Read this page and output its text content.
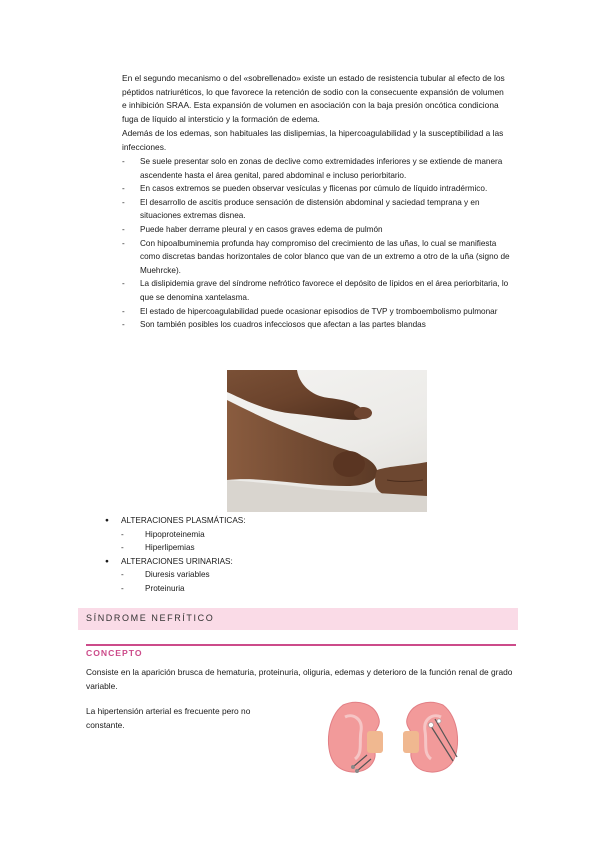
En el segundo mecanismo o del «sobrellenado» existe un estado de resistencia tubular al efecto de los péptidos natriuréticos, lo que favorece la retención de sodio con la consecuente expansión de volumen e inhibición SRAA. Esta expansión de volumen en asociación con la baja presión oncótica condiciona fuga de líquido al intersticio y la formación de edema.

Además de los edemas, son habituales las dislipemias, la hipercoagulabilidad y la susceptibilidad a las infecciones.

- Se suele presentar solo en zonas de declive como extremidades inferiores y se extiende de manera ascendente hasta el área genital, pared abdominal e incluso periorbitario.
- En casos extremos se pueden observar vesículas y flicenas por cúmulo de líquido intradérmico.
- El desarrollo de ascitis produce sensación de distensión abdominal y saciedad temprana y en situaciones extremas disnea.
- Puede haber derrame pleural y en casos graves edema de pulmón
- Con hipoalbuminemia profunda hay compromiso del crecimiento de las uñas, lo cual se manifiesta como discretas bandas horizontales de color blanco que van de un extremo a otro de la uña (signo de Muehrcke).
- La dislipidemia grave del síndrome nefrótico favorece el depósito de lípidos en el área periorbitaria, lo que se denomina xantelasma.
- El estado de hipercoagulabilidad puede ocasionar episodios de TVP y tromboembolismo pulmonar
- Son también posibles los cuadros infecciosos que afectan a las partes blandas
● ALTERACIONES PLASMÁTICAS:
- Hipoproteinemia
- Hiperlipemias
● ALTERACIONES URINARIAS:
- Diuresis variables
- Proteinuria
SÍNDROME NEFRÍTICO
CONCEPTO

Consiste en la aparición brusca de hematuria, proteinuria, oliguria, edemas y deterioro de la función renal de grado variable.

La hipertensión arterial es frecuente pero no constante.
